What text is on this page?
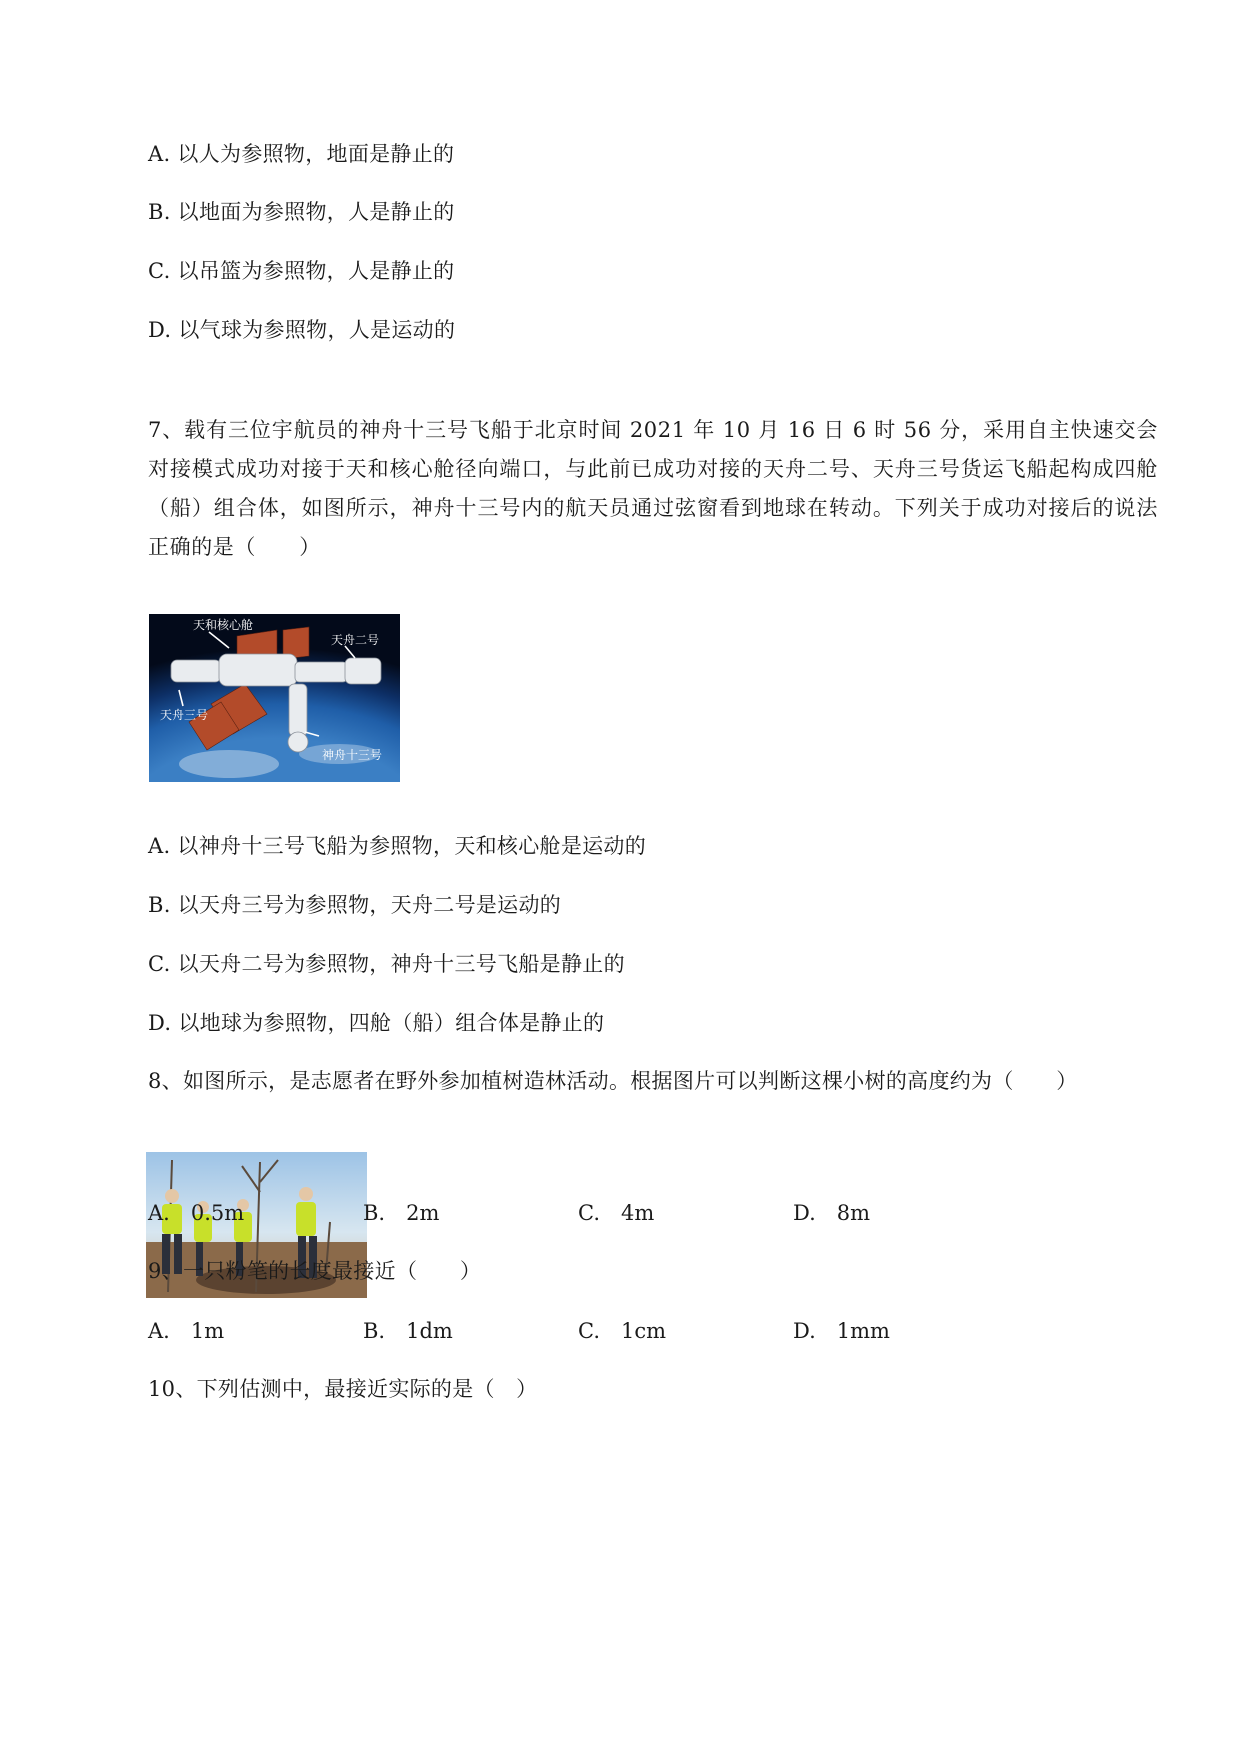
A. 以人为参照物，地面是静止的
B. 以地面为参照物，人是静止的
C. 以吊篮为参照物，人是静止的
D. 以气球为参照物，人是运动的
7、载有三位宇航员的神舟十三号飞船于北京时间 2021 年 10 月 16 日 6 时 56 分，采用自主快速交会对接模式成功对接于天和核心舱径向端口，与此前已成功对接的天舟二号、天舟三号货运飞船起构成四舱（船）组合体，如图所示，神舟十三号内的航天员通过弦窗看到地球在转动。下列关于成功对接后的说法正确的是（　　）
天和核心舱
天舟二号
天舟三号
神舟十三号
A. 以神舟十三号飞船为参照物，天和核心舱是运动的
B. 以天舟三号为参照物，天舟二号是运动的
C. 以天舟二号为参照物，神舟十三号飞船是静止的
D. 以地球为参照物，四舱（船）组合体是静止的
8、如图所示，是志愿者在野外参加植树造林活动。根据图片可以判断这棵小树的高度约为（　　）
A.　0.5m	B.　2m	C.　4m	D.　8m
9、一只粉笔的长度最接近（　　）
A.　1m	B.　1dm	C.　1cm	D.　1mm
10、下列估测中，最接近实际的是（　）
